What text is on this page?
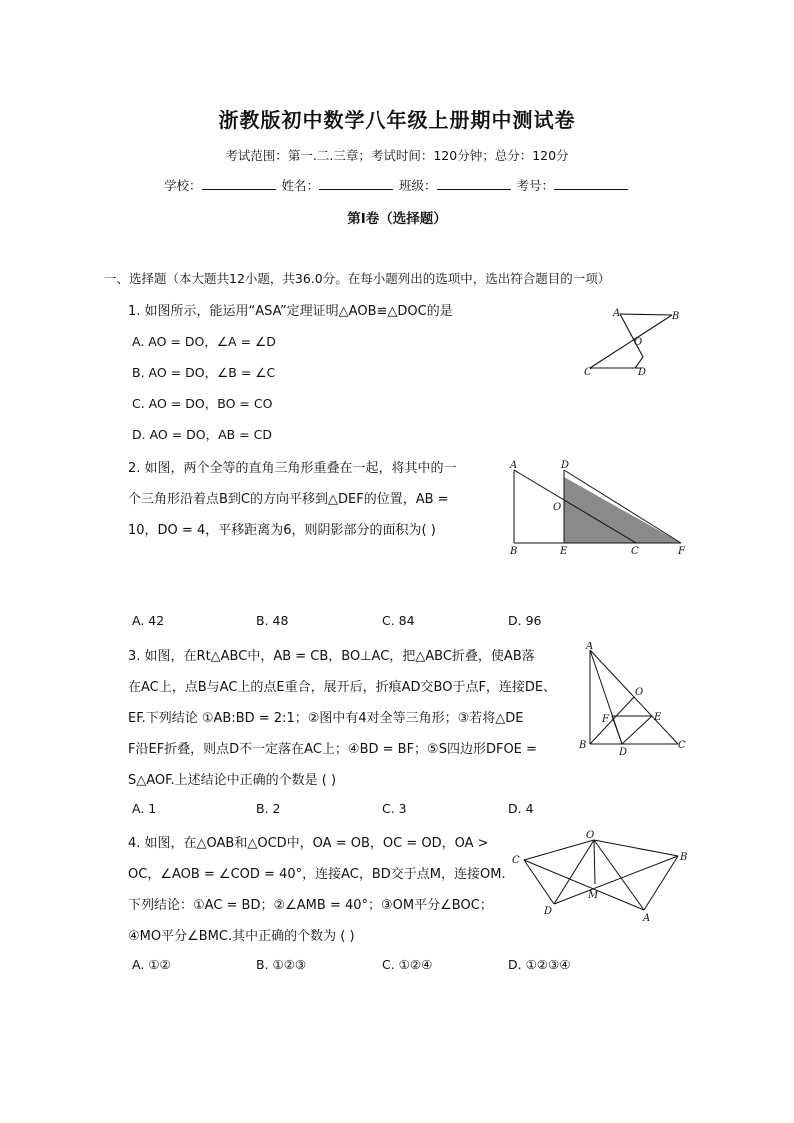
浙教版初中数学八年级上册期中测试卷
考试范围：第一.二.三章；考试时间：120分钟；总分：120分
学校：	姓名：	班级：	考号：
第I卷（选择题）
一、选择题（本大题共12小题，共36.0分。在每小题列出的选项中，选出符合题目的一项）
1. 如图所示，能运用“ASA”定理证明△AOB≌△DOC的是
A. AO = DO，∠A = ∠D
B. AO = DO，∠B = ∠C
C. AO = DO，BO = CO
D. AO = DO，AB = CD
A	B
O
C	D
2. 如图，两个全等的直角三角形重叠在一起，将其中的一
个三角形沿着点B到C的方向平移到△DEF的位置，AB =
10，DO = 4，平移距离为6，则阴影部分的面积为( )
A	D
O
B	E	C	F
A. 42	B. 48	C. 84	D. 96
3. 如图，在Rt△ABC中，AB = CB，BO⊥AC，把△ABC折叠，使AB落
在AC上，点B与AC上的点E重合，展开后，折痕AD交BO于点F，连接DE、
EF.下列结论 ①AB:BD = 2:1；②图中有4对全等三角形；③若将△DE
F沿EF折叠，则点D不一定落在AC上；④BD = BF；⑤S四边形DFOE =
S△AOF.上述结论中正确的个数是 ( )
A
O
F	E
B
D
C
A. 1	B. 2	C. 3	D. 4
4. 如图，在△OAB和△OCD中，OA = OB，OC = OD，OA >
OC，∠AOB = ∠COD = 40°，连接AC，BD交于点M，连接OM.
下列结论：①AC = BD；②∠AMB = 40°；③OM平分∠BOC；
④MO平分∠BMC.其中正确的个数为 ( )
O
C	B
D
M
A
A. ①②	B. ①②③	C. ①②④	D. ①②③④
